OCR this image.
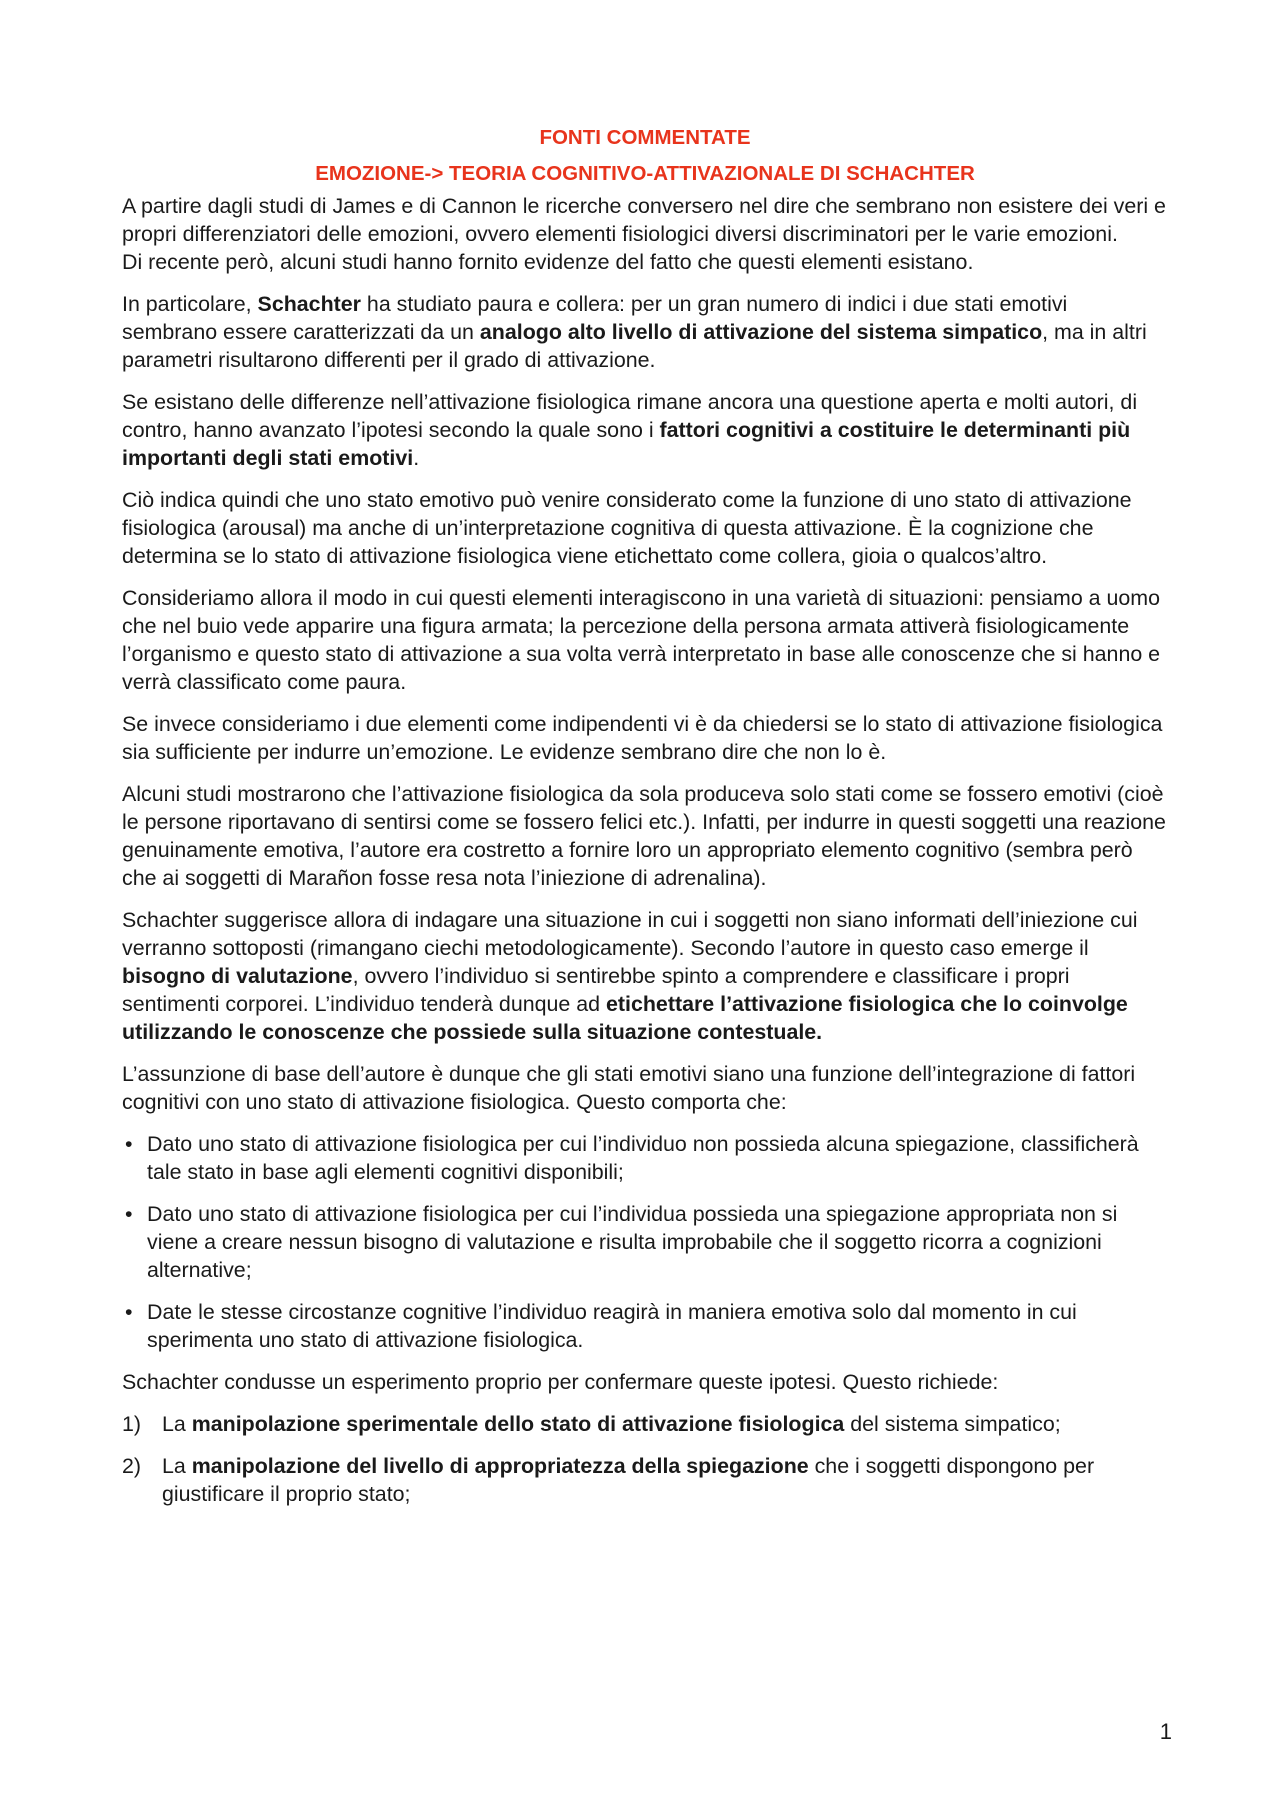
FONTI COMMENTATE
EMOZIONE-> TEORIA COGNITIVO-ATTIVAZIONALE DI SCHACHTER

A partire dagli studi di James e di Cannon le ricerche conversero nel dire che sembrano non esistere dei veri e propri differenziatori delle emozioni, ovvero elementi fisiologici diversi discriminatori per le varie emozioni.
Di recente però, alcuni studi hanno fornito evidenze del fatto che questi elementi esistano.

In particolare, Schachter ha studiato paura e collera: per un gran numero di indici i due stati emotivi sembrano essere caratterizzati da un analogo alto livello di attivazione del sistema simpatico, ma in altri parametri risultarono differenti per il grado di attivazione.

Se esistano delle differenze nell’attivazione fisiologica rimane ancora una questione aperta e molti autori, di contro, hanno avanzato l’ipotesi secondo la quale sono i fattori cognitivi a costituire le determinanti più importanti degli stati emotivi.

Ciò indica quindi che uno stato emotivo può venire considerato come la funzione di uno stato di attivazione fisiologica (arousal) ma anche di un’interpretazione cognitiva di questa attivazione. È la cognizione che determina se lo stato di attivazione fisiologica viene etichettato come collera, gioia o qualcos’altro.

Consideriamo allora il modo in cui questi elementi interagiscono in una varietà di situazioni: pensiamo a uomo che nel buio vede apparire una figura armata; la percezione della persona armata attiverà fisiologicamente l’organismo e questo stato di attivazione a sua volta verrà interpretato in base alle conoscenze che si hanno e verrà classificato come paura.

Se invece consideriamo i due elementi come indipendenti vi è da chiedersi se lo stato di attivazione fisiologica sia sufficiente per indurre un’emozione. Le evidenze sembrano dire che non lo è.

Alcuni studi mostrarono che l’attivazione fisiologica da sola produceva solo stati come se fossero emotivi (cioè le persone riportavano di sentirsi come se fossero felici etc.). Infatti, per indurre in questi soggetti una reazione genuinamente emotiva, l’autore era costretto a fornire loro un appropriato elemento cognitivo (sembra però che ai soggetti di Marañon fosse resa nota l’iniezione di adrenalina).

Schachter suggerisce allora di indagare una situazione in cui i soggetti non siano informati dell’iniezione cui verranno sottoposti (rimangano ciechi metodologicamente). Secondo l’autore in questo caso emerge il bisogno di valutazione, ovvero l’individuo si sentirebbe spinto a comprendere e classificare i propri sentimenti corporei. L’individuo tenderà dunque ad etichettare l’attivazione fisiologica che lo coinvolge utilizzando le conoscenze che possiede sulla situazione contestuale.

L’assunzione di base dell’autore è dunque che gli stati emotivi siano una funzione dell’integrazione di fattori cognitivi con uno stato di attivazione fisiologica. Questo comporta che:

• Dato uno stato di attivazione fisiologica per cui l’individuo non possieda alcuna spiegazione, classificherà tale stato in base agli elementi cognitivi disponibili;
• Dato uno stato di attivazione fisiologica per cui l’individua possieda una spiegazione appropriata non si viene a creare nessun bisogno di valutazione e risulta improbabile che il soggetto ricorra a cognizioni alternative;
• Date le stesse circostanze cognitive l’individuo reagirà in maniera emotiva solo dal momento in cui sperimenta uno stato di attivazione fisiologica.

Schachter condusse un esperimento proprio per confermare queste ipotesi. Questo richiede:

1) La manipolazione sperimentale dello stato di attivazione fisiologica del sistema simpatico;
2) La manipolazione del livello di appropriatezza della spiegazione che i soggetti dispongono per giustificare il proprio stato;
1
